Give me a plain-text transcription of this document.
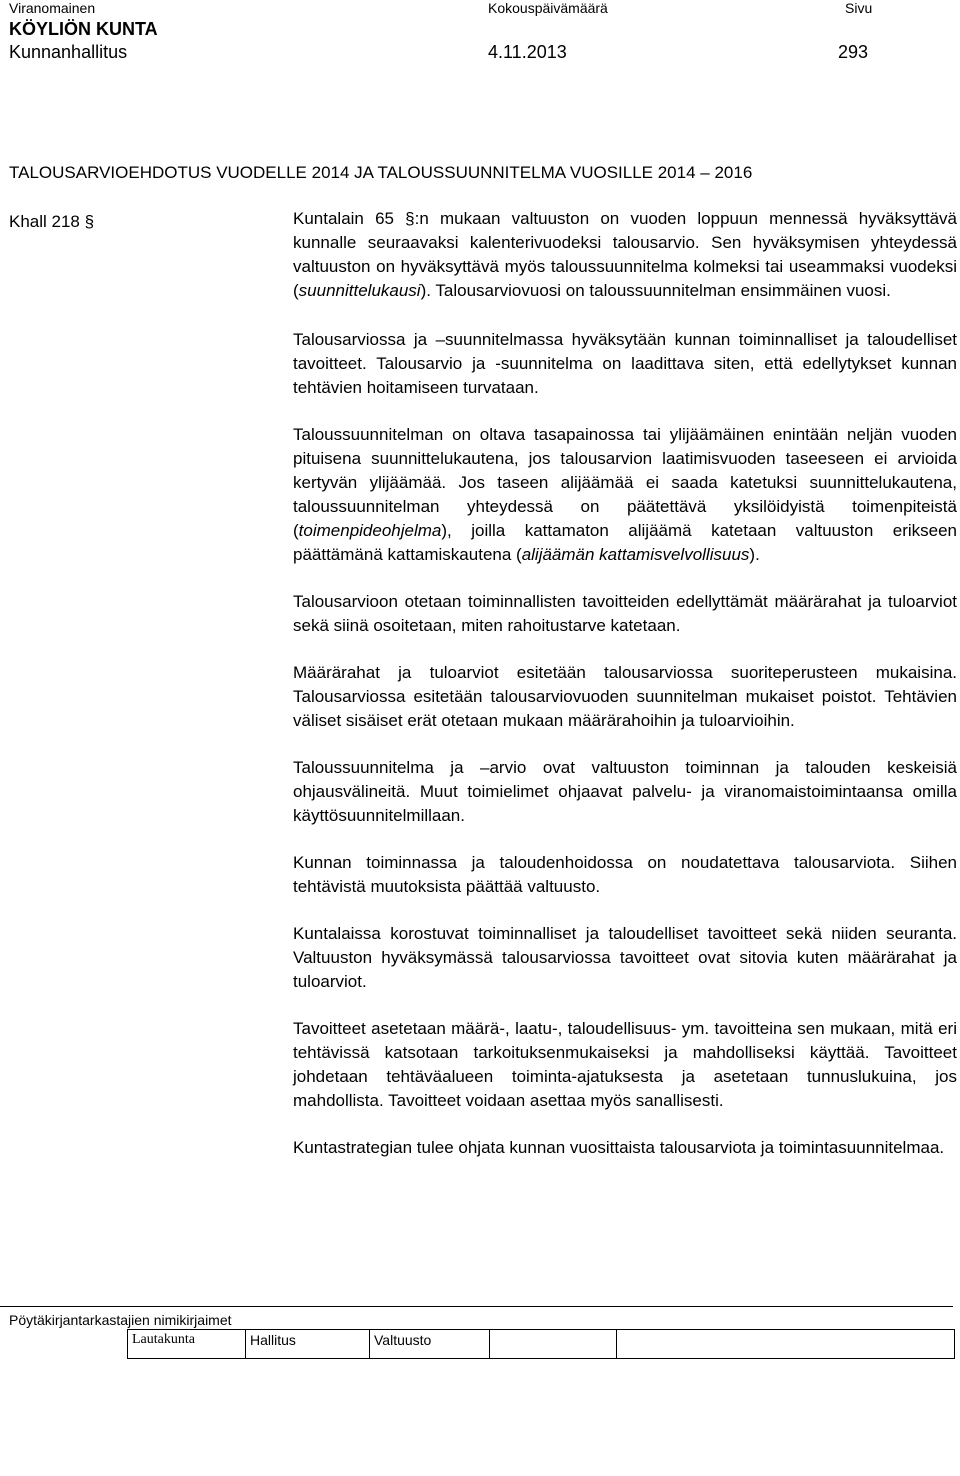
Viranomainen	Kokouspäivämäärä	Sivu
KÖYLIÖN KUNTA
Kunnanhallitus	4.11.2013	293
TALOUSARVIOEHDOTUS VUODELLE 2014 JA TALOUSSUUNNITELMA VUOSILLE 2014 – 2016
Khall 218 §	Kuntalain 65 §:n mukaan valtuuston on vuoden loppuun mennessä hyväksyttävä kunnalle seuraavaksi kalenterivuodeksi talousarvio. Sen hyväksymisen yhteydessä valtuuston on hyväksyttävä myös taloussuunnitelma kolmeksi tai useammaksi vuodeksi (suunnittelukausi). Talousarviovuosi on taloussuunnitelman ensimmäinen vuosi.

Talousarviossa ja –suunnitelmassa hyväksytään kunnan toiminnalliset ja taloudelliset tavoitteet. Talousarvio ja -suunnitelma on laadittava siten, että edellytykset kunnan tehtävien hoitamiseen turvataan.

Taloussuunnitelman on oltava tasapainossa tai ylijäämäinen enintään neljän vuoden pituisena suunnittelukautena, jos talousarvion laatimisvuoden taseeseen ei arvioida kertyvän ylijäämää. Jos taseen alijäämää ei saada katetuksi suunnittelukautena, taloussuunnitelman yhteydessä on päätettävä yksilöidyistä toimenpiteistä (toimenpideohjelma), joilla kattamaton alijäämä katetaan valtuuston erikseen päättämänä kattamiskautena (alijäämän kattamisvelvollisuus).

Talousarvioon otetaan toiminnallisten tavoitteiden edellyttämät määrärahat ja tuloarviot sekä siinä osoitetaan, miten rahoitustarve katetaan.

Määrärahat ja tuloarviot esitetään talousarviossa suoriteperusteen mukaisina. Talousarviossa esitetään talousarviovuoden suunnitelman mukaiset poistot. Tehtävien väliset sisäiset erät otetaan mukaan määrärahoihin ja tuloarvioihin.

Taloussuunnitelma ja –arvio ovat valtuuston toiminnan ja talouden keskeisiä ohjausvälineitä. Muut toimielimet ohjaavat palvelu- ja viranomaistoimintaansa omilla käyttösuunnitelmillaan.

Kunnan toiminnassa ja taloudenhoidossa on noudatettava talousarviota. Siihen tehtävistä muutoksista päättää valtuusto.

Kuntalaissa korostuvat toiminnalliset ja taloudelliset tavoitteet sekä niiden seuranta. Valtuuston hyväksymässä talousarviossa tavoitteet ovat sitovia kuten määrärahat ja tuloarviot.

Tavoitteet asetetaan määrä-, laatu-, taloudellisuus- ym. tavoitteina sen mukaan, mitä eri tehtävissä katsotaan tarkoituksenmukaiseksi ja mahdolliseksi käyttää. Tavoitteet johdetaan tehtäväalueen toiminta-ajatuksesta ja asetetaan tunnuslukuina, jos mahdollista. Tavoitteet voidaan asettaa myös sanallisesti.

Kuntastrategian tulee ohjata kunnan vuosittaista talousarviota ja toimintasuunnitelmaa.

Pöytäkirjantarkastajien nimikirjaimet
Lautakunta	Hallitus	Valtuusto
